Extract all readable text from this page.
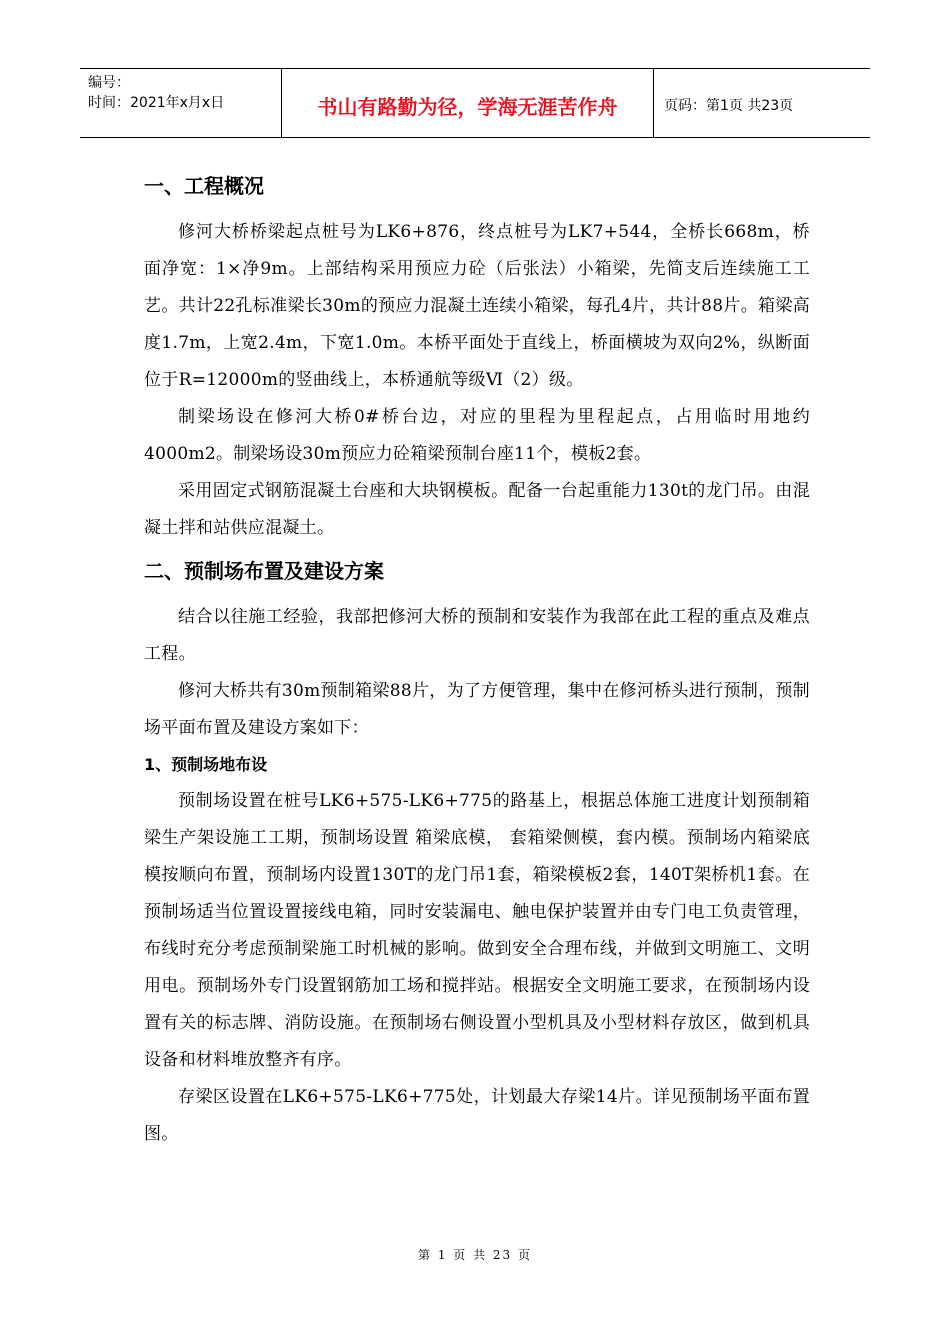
编号：
时间：2021年x月x日	书山有路勤为径，学海无涯苦作舟	页码：第1页 共23页
一、工程概况

修河大桥桥梁起点桩号为LK6+876，终点桩号为LK7+544，全桥长668m，桥面净宽：1×净9m。上部结构采用预应力砼（后张法）小箱梁，先简支后连续施工工艺。共计22孔标准梁长30m的预应力混凝土连续小箱梁，每孔4片，共计88片。箱梁高度1.7m，上宽2.4m，下宽1.0m。本桥平面处于直线上，桥面横坡为双向2%，纵断面位于R=12000m的竖曲线上，本桥通航等级Ⅵ（2）级。

制梁场设在修河大桥0#桥台边，对应的里程为里程起点，占用临时用地约4000m2。制梁场设30m预应力砼箱梁预制台座11个，模板2套。

采用固定式钢筋混凝土台座和大块钢模板。配备一台起重能力130t的龙门吊。由混凝土拌和站供应混凝土。

二、预制场布置及建设方案

结合以往施工经验，我部把修河大桥的预制和安装作为我部在此工程的重点及难点工程。

修河大桥共有30m预制箱梁88片，为了方便管理，集中在修河桥头进行预制，预制场平面布置及建设方案如下：

1、预制场地布设

预制场设置在桩号LK6+575-LK6+775的路基上，根据总体施工进度计划预制箱梁生产架设施工工期，预制场设置 箱梁底模， 套箱梁侧模，套内模。预制场内箱梁底模按顺向布置，预制场内设置130T的龙门吊1套，箱梁模板2套，140T架桥机1套。在预制场适当位置设置接线电箱，同时安装漏电、触电保护装置并由专门电工负责管理，布线时充分考虑预制梁施工时机械的影响。做到安全合理布线，并做到文明施工、文明用电。预制场外专门设置钢筋加工场和搅拌站。根据安全文明施工要求，在预制场内设置有关的标志牌、消防设施。在预制场右侧设置小型机具及小型材料存放区，做到机具设备和材料堆放整齐有序。

存梁区设置在LK6+575-LK6+775处，计划最大存梁14片。详见预制场平面布置图。

第 1 页 共 23 页
